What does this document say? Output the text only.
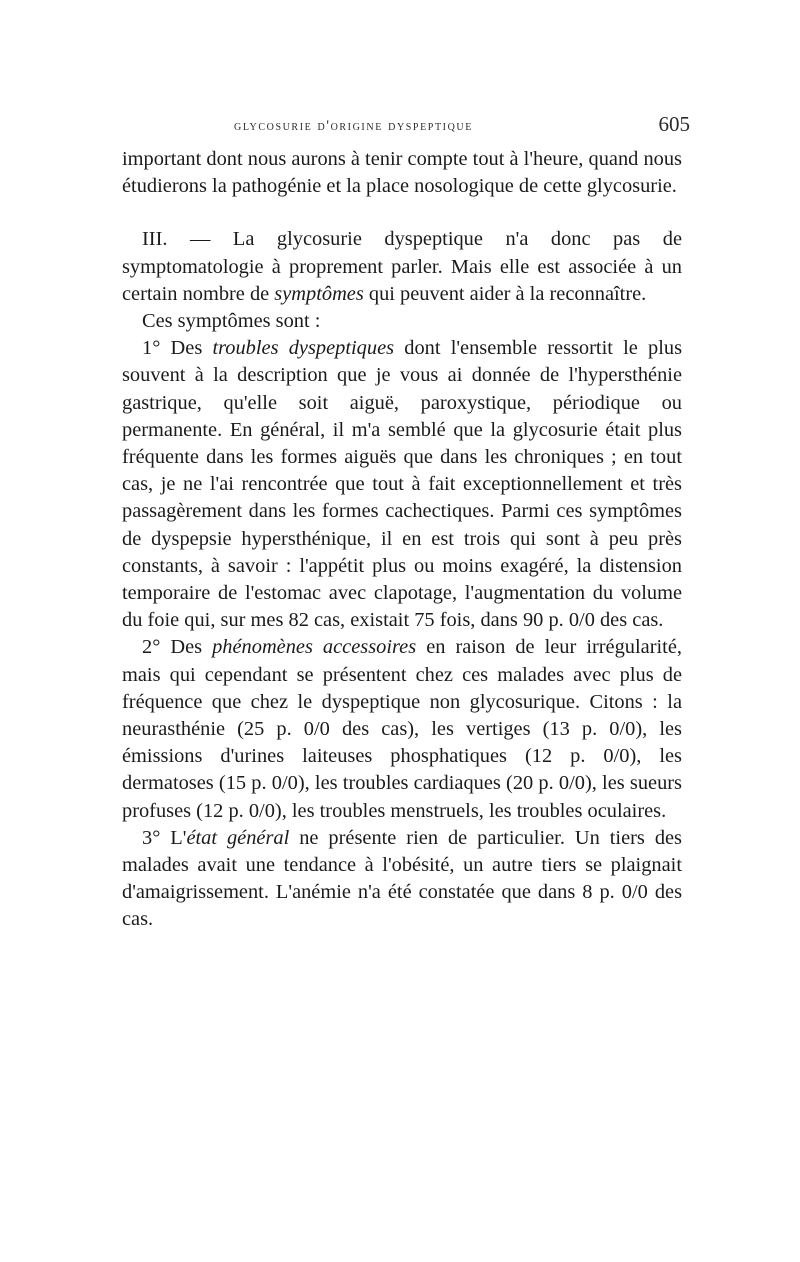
glycosurie d'origine dyspeptique	605

important dont nous aurons à tenir compte tout à l'heure, quand nous étudierons la pathogénie et la place nosologique de cette glycosurie.

III. — La glycosurie dyspeptique n'a donc pas de symptomatologie à proprement parler. Mais elle est associée à un certain nombre de symptômes qui peuvent aider à la reconnaître.

Ces symptômes sont :

1° Des troubles dyspeptiques dont l'ensemble ressortit le plus souvent à la description que je vous ai donnée de l'hypersthénie gastrique, qu'elle soit aiguë, paroxystique, périodique ou permanente. En général, il m'a semblé que la glycosurie était plus fréquente dans les formes aiguës que dans les chroniques ; en tout cas, je ne l'ai rencontrée que tout à fait exceptionnellement et très passagèrement dans les formes cachectiques. Parmi ces symptômes de dyspepsie hypersthénique, il en est trois qui sont à peu près constants, à savoir : l'appétit plus ou moins exagéré, la distension temporaire de l'estomac avec clapotage, l'augmentation du volume du foie qui, sur mes 82 cas, existait 75 fois, dans 90 p. 0/0 des cas.

2° Des phénomènes accessoires en raison de leur irrégularité, mais qui cependant se présentent chez ces malades avec plus de fréquence que chez le dyspeptique non glycosurique. Citons : la neurasthénie (25 p. 0/0 des cas), les vertiges (13 p. 0/0), les émissions d'urines laiteuses phosphatiques (12 p. 0/0), les dermatoses (15 p. 0/0), les troubles cardiaques (20 p. 0/0), les sueurs profuses (12 p. 0/0), les troubles menstruels, les troubles oculaires.

3° L'état général ne présente rien de particulier. Un tiers des malades avait une tendance à l'obésité, un autre tiers se plaignait d'amaigrissement. L'anémie n'a été constatée que dans 8 p. 0/0 des cas.
